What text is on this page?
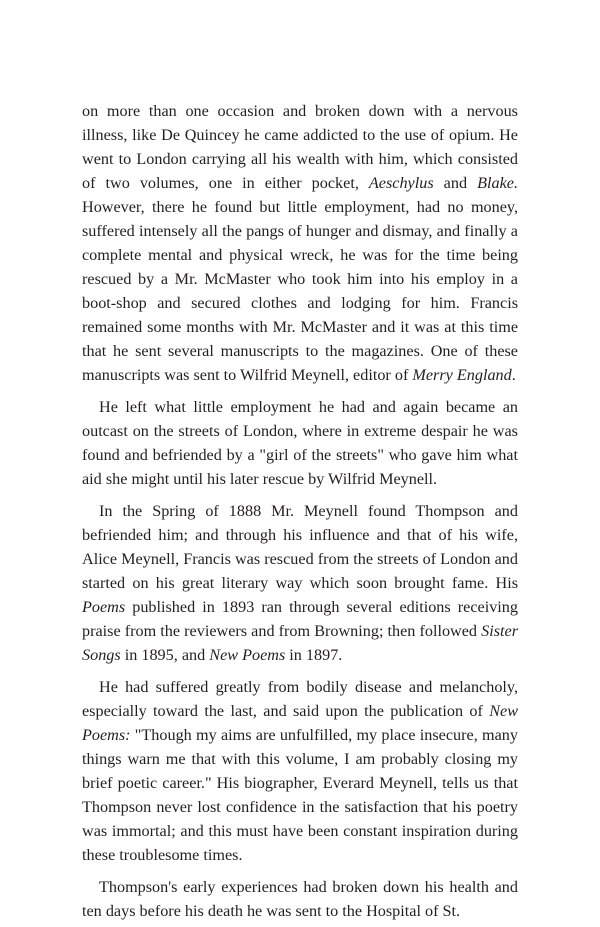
on more than one occasion and broken down with a nervous illness, like De Quincey he came addicted to the use of opium. He went to London carrying all his wealth with him, which consisted of two volumes, one in either pocket, Aeschylus and Blake. However, there he found but little employment, had no money, suffered intensely all the pangs of hunger and dismay, and finally a complete mental and physical wreck, he was for the time being rescued by a Mr. McMaster who took him into his employ in a boot-shop and secured clothes and lodging for him. Francis remained some months with Mr. McMaster and it was at this time that he sent several manuscripts to the magazines. One of these manuscripts was sent to Wilfrid Meynell, editor of Merry England.

He left what little employment he had and again became an outcast on the streets of London, where in extreme despair he was found and befriended by a "girl of the streets" who gave him what aid she might until his later rescue by Wilfrid Meynell.

In the Spring of 1888 Mr. Meynell found Thompson and befriended him; and through his influence and that of his wife, Alice Meynell, Francis was rescued from the streets of London and started on his great literary way which soon brought fame. His Poems published in 1893 ran through several editions receiving praise from the reviewers and from Browning; then followed Sister Songs in 1895, and New Poems in 1897.

He had suffered greatly from bodily disease and melancholy, especially toward the last, and said upon the publication of New Poems: "Though my aims are unfulfilled, my place insecure, many things warn me that with this volume, I am probably closing my brief poetic career." His biographer, Everard Meynell, tells us that Thompson never lost confidence in the satisfaction that his poetry was immortal; and this must have been constant inspiration during these troublesome times.

Thompson's early experiences had broken down his health and ten days before his death he was sent to the Hospital of St.
